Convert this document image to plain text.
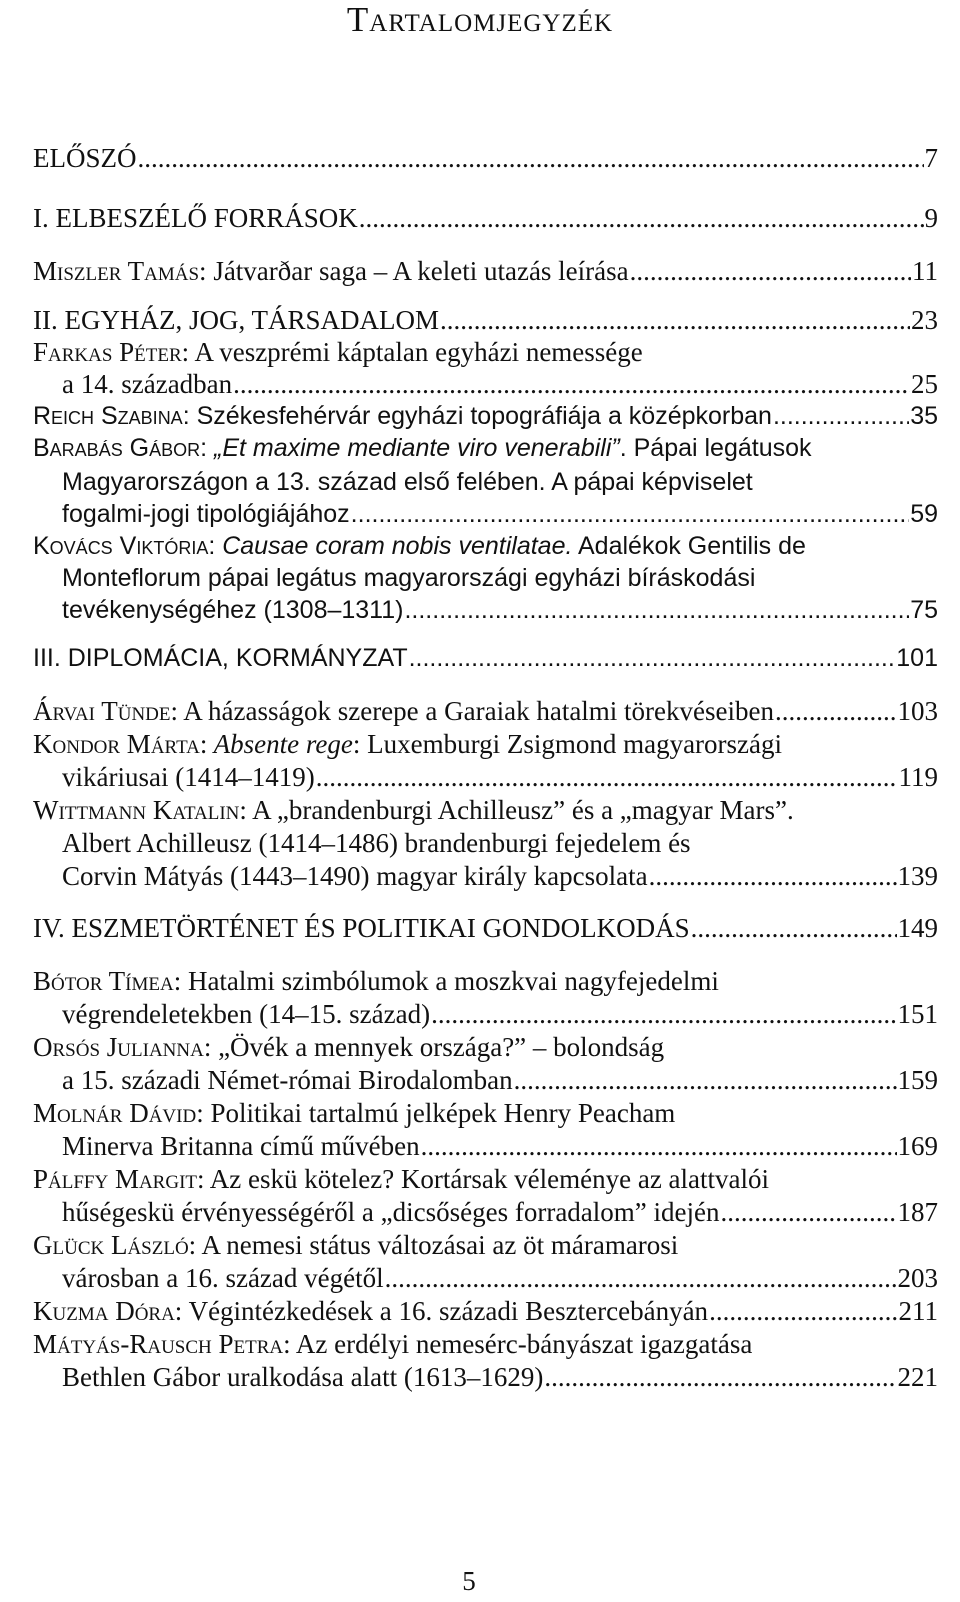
Tartalomjegyzék
ELŐSZÓ .....	7
I. ELBESZÉLŐ FORRÁSOK .....	9
Miszler Tamás: Játvarðar saga – A keleti utazás leírása .....	11
II. EGYHÁZ, JOG, TÁRSADALOM .....	23
Farkas Péter: A veszprémi káptalan egyházi nemessége
a 14. században .....	25
Reich Szabina: Székesfehérvár egyházi topográfiája a középkorban .....	35
Barabás Gábor: „Et maxime mediante viro venerabili”. Pápai legátusok
Magyarországon a 13. század első felében. A pápai képviselet
fogalmi-jogi tipológiájához .....	59
Kovács Viktória: Causae coram nobis ventilatae. Adalékok Gentilis de
Monteflorum pápai legátus magyarországi egyházi bíráskodási
tevékenységéhez (1308–1311) .....	75
III. DIPLOMÁCIA, KORMÁNYZAT .....	101
Árvai Tünde: A házasságok szerepe a Garaiak hatalmi törekvéseiben .....	103
Kondor Márta: Absente rege: Luxemburgi Zsigmond magyarországi
vikáriusai (1414–1419) .....	119
Wittmann Katalin: A „brandenburgi Achilleusz” és a „magyar Mars”.
Albert Achilleusz (1414–1486) brandenburgi fejedelem és
Corvin Mátyás (1443–1490) magyar király kapcsolata .....	139
IV. ESZMETÖRTÉNET ÉS POLITIKAI GONDOLKODÁS .....	149
Bótor Tímea: Hatalmi szimbólumok a moszkvai nagyfejedelmi
végrendeletekben (14–15. század) .....	151
Orsós Julianna: „Övék a mennyek országa?” – bolondság
a 15. századi Német-római Birodalomban .....	159
Molnár Dávid: Politikai tartalmú jelképek Henry Peacham
Minerva Britanna című művében .....	169
Pálffy Margit: Az eskü kötelez? Kortársak véleménye az alattvalói
hűségeskü érvényességéről a „dicsőséges forradalom” idején .....	187
Glück László: A nemesi státus változásai az öt máramarosi
városban a 16. század végétől .....	203
Kuzma Dóra: Végintézkedések a 16. századi Besztercebányán .....	211
Mátyás-Rausch Petra: Az erdélyi nemesérc-bányászat igazgatása
Bethlen Gábor uralkodása alatt (1613–1629) .....	221
5
